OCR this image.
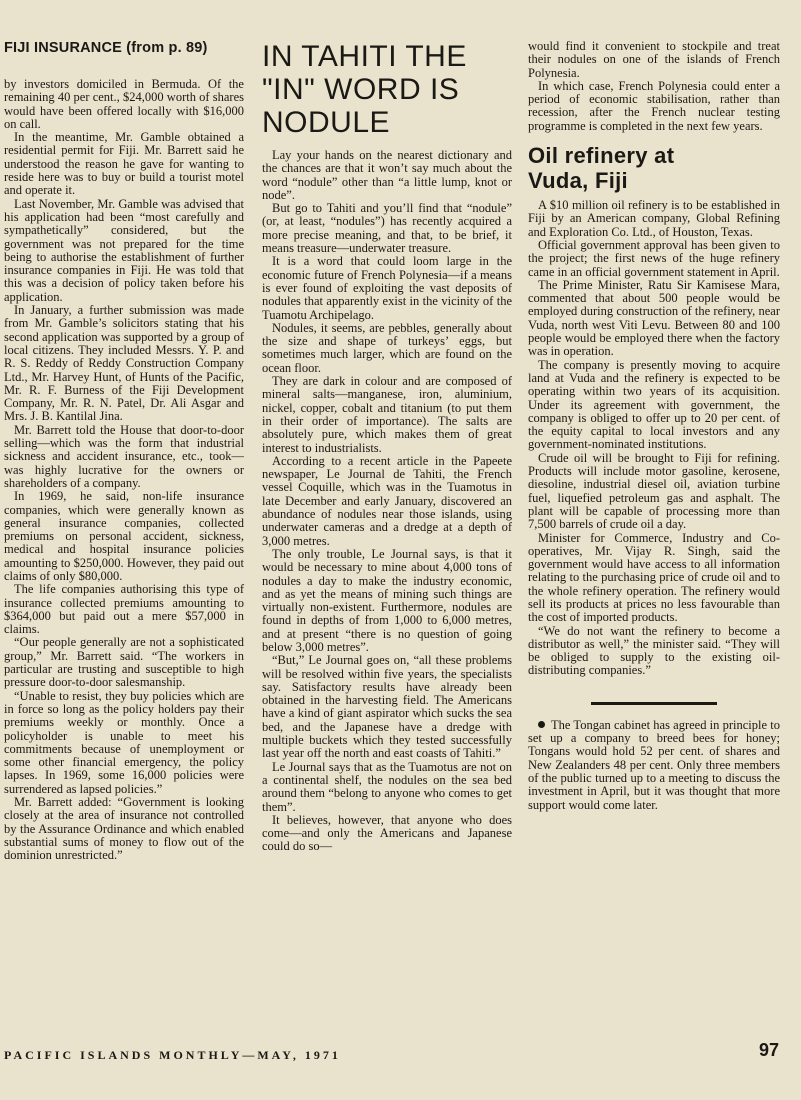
FIJI INSURANCE (from p. 89)

by investors domiciled in Bermuda. Of the remaining 40 per cent., $24,000 worth of shares would have been offered locally with $16,000 on call.

In the meantime, Mr. Gamble obtained a residential permit for Fiji. Mr. Barrett said he understood the reason he gave for wanting to reside here was to buy or build a tourist motel and operate it.

Last November, Mr. Gamble was advised that his application had been “most carefully and sympathetically” considered, but the government was not prepared for the time being to authorise the establishment of further insurance companies in Fiji. He was told that this was a decision of policy taken before his application.

In January, a further submission was made from Mr. Gamble’s solicitors stating that his second application was supported by a group of local citizens. They included Messrs. Y. P. and R. S. Reddy of Reddy Construction Company Ltd., Mr. Harvey Hunt, of Hunts of the Pacific, Mr. R. F. Burness of the Fiji Development Company, Mr. R. N. Patel, Dr. Ali Asgar and Mrs. J. B. Kantilal Jina.

Mr. Barrett told the House that door-to-door selling—which was the form that industrial sickness and accident insurance, etc., took—was highly lucrative for the owners or shareholders of a company.

In 1969, he said, non-life insurance companies, which were generally known as general insurance companies, collected premiums on personal accident, sickness, medical and hospital insurance policies amounting to $250,000. However, they paid out claims of only $80,000.

The life companies authorising this type of insurance collected premiums amounting to $364,000 but paid out a mere $57,000 in claims.

“Our people generally are not a sophisticated group,” Mr. Barrett said. “The workers in particular are trusting and susceptible to high pressure door-to-door salesmanship.

“Unable to resist, they buy policies which are in force so long as the policy holders pay their premiums weekly or monthly. Once a policyholder is unable to meet his commitments because of unemployment or some other financial emergency, the policy lapses. In 1969, some 16,000 policies were surrendered as lapsed policies.”

Mr. Barrett added: “Government is looking closely at the area of insurance not controlled by the Assurance Ordinance and which enabled substantial sums of money to flow out of the dominion unrestricted.”

IN TAHITI THE
"IN" WORD IS
NODULE

Lay your hands on the nearest dictionary and the chances are that it won’t say much about the word “nodule” other than “a little lump, knot or node”.

But go to Tahiti and you’ll find that “nodule” (or, at least, “nodules”) has recently acquired a more precise meaning, and that, to be brief, it means treasure—underwater treasure.

It is a word that could loom large in the economic future of French Polynesia—if a means is ever found of exploiting the vast deposits of nodules that apparently exist in the vicinity of the Tuamotu Archipelago.

Nodules, it seems, are pebbles, generally about the size and shape of turkeys’ eggs, but sometimes much larger, which are found on the ocean floor.

They are dark in colour and are composed of mineral salts—manganese, iron, aluminium, nickel, copper, cobalt and titanium (to put them in their order of importance). The salts are absolutely pure, which makes them of great interest to industrialists.

According to a recent article in the Papeete newspaper, Le Journal de Tahiti, the French vessel Coquille, which was in the Tuamotus in late December and early January, discovered an abundance of nodules near those islands, using underwater cameras and a dredge at a depth of 3,000 metres.

The only trouble, Le Journal says, is that it would be necessary to mine about 4,000 tons of nodules a day to make the industry economic, and as yet the means of mining such things are virtually non-existent. Furthermore, nodules are found in depths of from 1,000 to 6,000 metres, and at present “there is no question of going below 3,000 metres”.

“But,” Le Journal goes on, “all these problems will be resolved within five years, the specialists say. Satisfactory results have already been obtained in the harvesting field. The Americans have a kind of giant aspirator which sucks the sea bed, and the Japanese have a dredge with multiple buckets which they tested successfully last year off the north and east coasts of Tahiti.”

Le Journal says that as the Tuamotus are not on a continental shelf, the nodules on the sea bed around them “belong to anyone who comes to get them”.

It believes, however, that anyone who does come—and only the Americans and Japanese could do so—

would find it convenient to stockpile and treat their nodules on one of the islands of French Polynesia.

In which case, French Polynesia could enter a period of economic stabilisation, rather than recession, after the French nuclear testing programme is completed in the next few years.

Oil refinery at
Vuda, Fiji

A $10 million oil refinery is to be established in Fiji by an American company, Global Refining and Exploration Co. Ltd., of Houston, Texas.

Official government approval has been given to the project; the first news of the huge refinery came in an official government statement in April.

The Prime Minister, Ratu Sir Kamisese Mara, commented that about 500 people would be employed during construction of the refinery, near Vuda, north west Viti Levu. Between 80 and 100 people would be employed there when the factory was in operation.

The company is presently moving to acquire land at Vuda and the refinery is expected to be operating within two years of its acquisition. Under its agreement with government, the company is obliged to offer up to 20 per cent. of the equity capital to local investors and any government-nominated institutions.

Crude oil will be brought to Fiji for refining. Products will include motor gasoline, kerosene, diesoline, industrial diesel oil, aviation turbine fuel, liquefied petroleum gas and asphalt. The plant will be capable of processing more than 7,500 barrels of crude oil a day.

Minister for Commerce, Industry and Co-operatives, Mr. Vijay R. Singh, said the government would have access to all information relating to the purchasing price of crude oil and to the whole refinery operation. The refinery would sell its products at prices no less favourable than the cost of imported products.

“We do not want the refinery to become a distributor as well,” the minister said. “They will be obliged to supply to the existing oil-distributing companies.”

The Tongan cabinet has agreed in principle to set up a company to breed bees for honey; Tongans would hold 52 per cent. of shares and New Zealanders 48 per cent. Only three members of the public turned up to a meeting to discuss the investment in April, but it was thought that more support would come later.

PACIFIC ISLANDS MONTHLY—MAY, 1971	97
